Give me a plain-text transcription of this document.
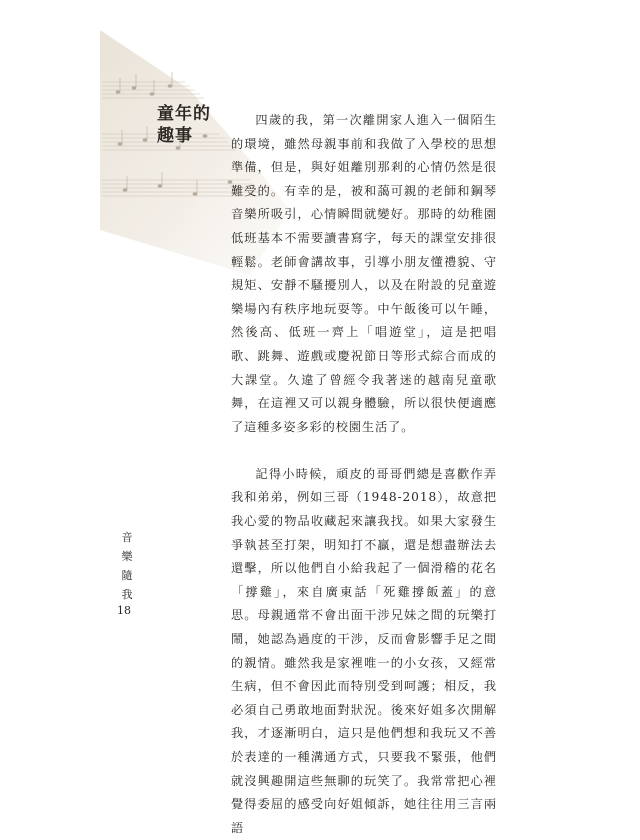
童年的
趣事

四歲的我，第一次離開家人進入一個陌生的環境，雖然母親事前和我做了入學校的思想準備，但是，與好姐離別那剎的心情仍然是很難受的。有幸的是，被和藹可親的老師和鋼琴音樂所吸引，心情瞬間就變好。那時的幼稚園低班基本不需要讀書寫字，每天的課堂安排很輕鬆。老師會講故事，引導小朋友懂禮貌、守規矩、安靜不騷擾別人，以及在附設的兒童遊樂場內有秩序地玩耍等。中午飯後可以午睡，然後高、低班一齊上「唱遊堂」，這是把唱歌、跳舞、遊戲或慶祝節日等形式綜合而成的大課堂。久違了曾經令我著迷的越南兒童歌舞，在這裡又可以親身體驗，所以很快便適應了這種多姿多彩的校園生活了。

記得小時候，頑皮的哥哥們總是喜歡作弄我和弟弟，例如三哥（1948-2018），故意把我心愛的物品收藏起來讓我找。如果大家發生爭執甚至打架，明知打不贏，還是想盡辦法去還擊，所以他們自小給我起了一個滑稽的花名「撐雞」，來自廣東話「死雞撐飯蓋」的意思。母親通常不會出面干涉兄妹之間的玩樂打鬧，她認為過度的干涉，反而會影響手足之間的親情。雖然我是家裡唯一的小女孩，又經常生病，但不會因此而特別受到呵護；相反，我必須自己勇敢地面對狀況。後來好姐多次開解我，才逐漸明白，這只是他們想和我玩又不善於表達的一種溝通方式，只要我不緊張，他們就沒興趣開這些無聊的玩笑了。我常常把心裡覺得委屈的感受向好姐傾訴，她往往用三言兩語

音
樂
隨
我
18
